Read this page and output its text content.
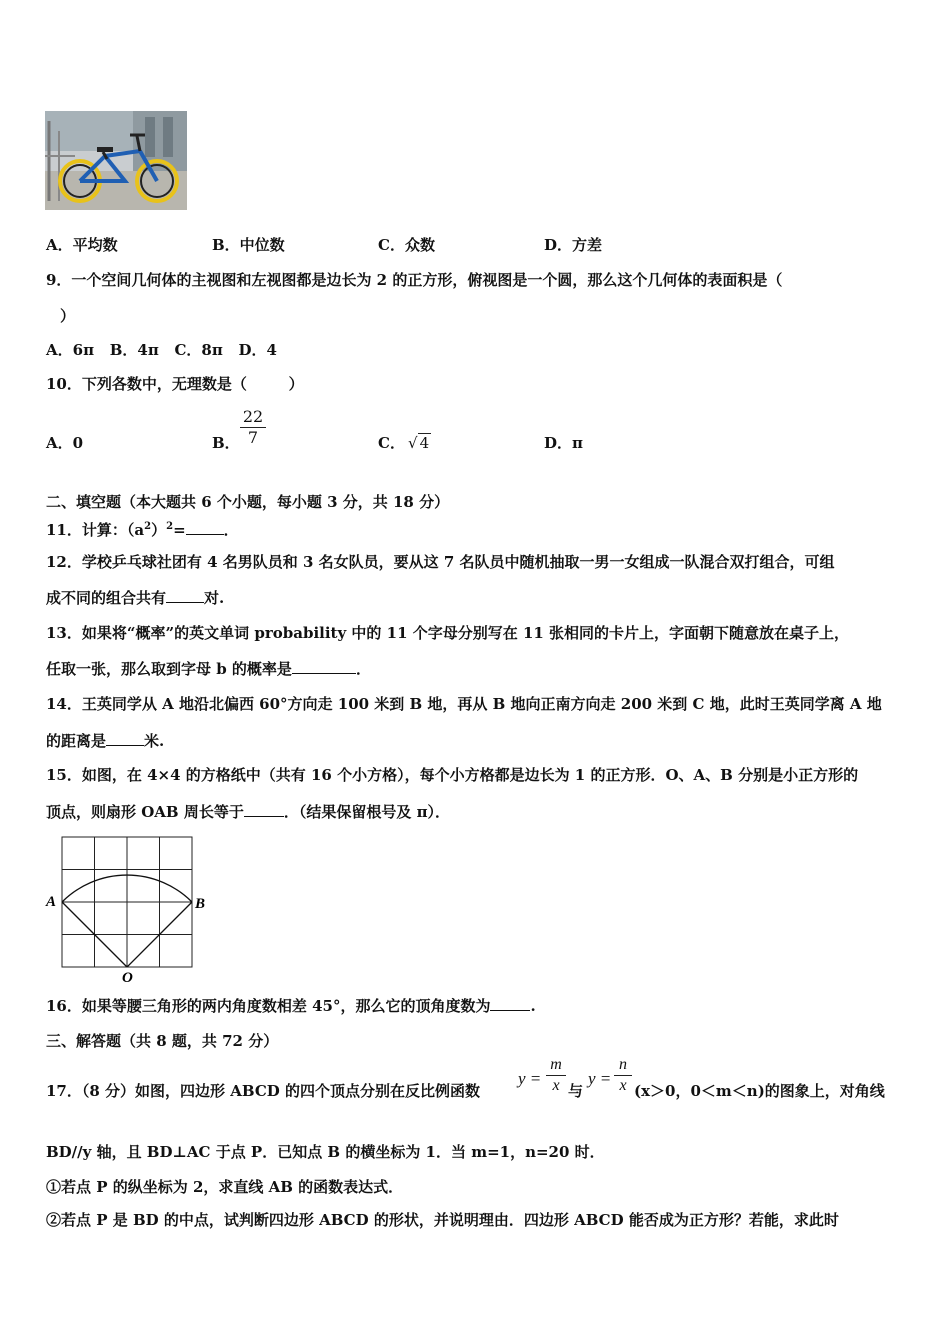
A．平均数	B．中位数	C．众数	D．方差
9．一个空间几何体的主视图和左视图都是边长为 2 的正方形，俯视图是一个圆，那么这个几何体的表面积是（
）
A．6π   B．4π   C．8π   D．4
10．下列各数中，无理数是（        ）
A．0	B．
22
7	C． √ 4	D．π
二、填空题（本大题共 6 个小题，每小题 3 分，共 18 分）
11．计算：$(a^2)^2=$	．
12．学校乒乓球社团有 4 名男队员和 3 名女队员，要从这 7 名队员中随机抽取一男一女组成一队混合双打组合，可组
成不同的组合共有	对.
13．如果将“概率”的英文单词 probability 中的 11 个字母分别写在 11 张相同的卡片上，字面朝下随意放在桌子上，
任取一张，那么取到字母 b 的概率是	．
14．王英同学从 A 地沿北偏西 60°方向走 100 米到 B 地，再从 B 地向正南方向走 200 米到 C 地，此时王英同学离 A 地
的距离是	米.
15．如图，在 4×4 的方格纸中（共有 16 个小方格），每个小方格都是边长为 1 的正方形．O、A、B 分别是小正方形的
顶点，则扇形 OAB 周长等于	．（结果保留根号及 π）．
A	B
O
16．如果等腰三角形的两内角度数相差 45°，那么它的顶角度数为	.
三、解答题（共 8 题，共 72 分）
17．（8 分）如图，四边形 ABCD 的四个顶点分别在反比例函数
y =
m
x 与
y =
n
x (x＞0，0＜m＜n)的图象上，对角线
BD//y 轴，且 BD⊥AC 于点 P．已知点 B 的横坐标为 1．当 m=1，n=20 时．
①若点 P 的纵坐标为 2，求直线 AB 的函数表达式．
②若点 P 是 BD 的中点，试判断四边形 ABCD 的形状，并说明理由．四边形 ABCD 能否成为正方形？若能，求此时
